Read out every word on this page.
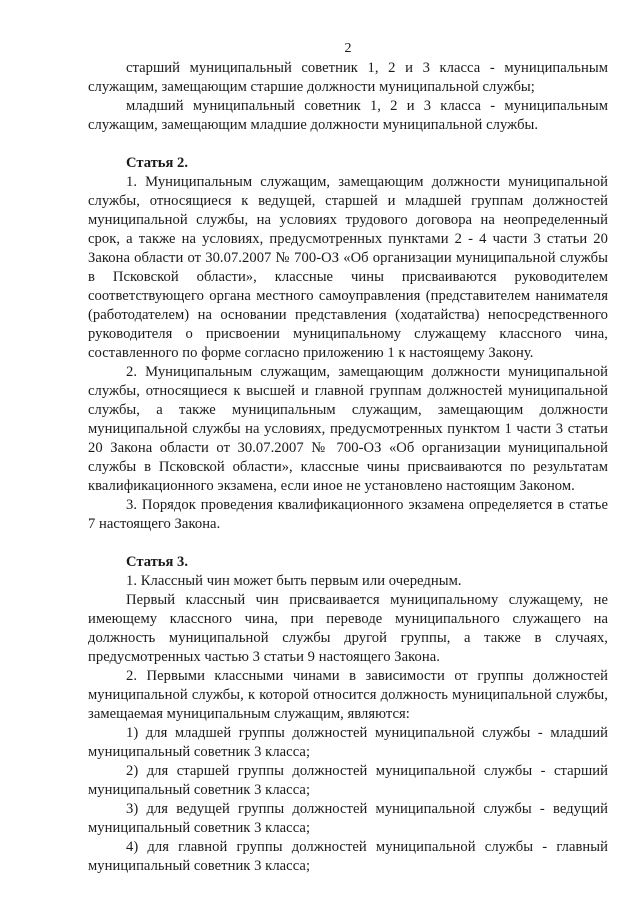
2

старший муниципальный советник 1, 2 и 3 класса - муниципальным служащим, замещающим старшие должности муниципальной службы;

младший муниципальный советник 1, 2 и 3 класса - муниципальным служащим, замещающим младшие должности муниципальной службы.

Статья 2.

1. Муниципальным служащим, замещающим должности муниципальной службы, относящиеся к ведущей, старшей и младшей группам должностей муниципальной службы, на условиях трудового договора на неопределенный срок, а также на условиях, предусмотренных пунктами 2 - 4 части 3 статьи 20 Закона области от 30.07.2007 № 700-ОЗ «Об организации муниципальной службы в Псковской области», классные чины присваиваются руководителем соответствующего органа местного самоуправления (представителем нанимателя (работодателем) на основании представления (ходатайства) непосредственного руководителя о присвоении муниципальному служащему классного чина, составленного по форме согласно приложению 1 к настоящему Закону.

2. Муниципальным служащим, замещающим должности муниципальной службы, относящиеся к высшей и главной группам должностей муниципальной службы, а также муниципальным служащим, замещающим должности муниципальной службы на условиях, предусмотренных пунктом 1 части 3 статьи 20 Закона области от 30.07.2007 № 700-ОЗ «Об организации муниципальной службы в Псковской области», классные чины присваиваются по результатам квалификационного экзамена, если иное не установлено настоящим Законом.

3. Порядок проведения квалификационного экзамена определяется в статье 7 настоящего Закона.

Статья 3.

1. Классный чин может быть первым или очередным.

Первый классный чин присваивается муниципальному служащему, не имеющему классного чина, при переводе муниципального служащего на должность муниципальной службы другой группы, а также в случаях, предусмотренных частью 3 статьи 9 настоящего Закона.

2. Первыми классными чинами в зависимости от группы должностей муниципальной службы, к которой относится должность муниципальной службы, замещаемая муниципальным служащим, являются:

1) для младшей группы должностей муниципальной службы - младший муниципальный советник 3 класса;

2) для старшей группы должностей муниципальной службы - старший муниципальный советник 3 класса;

3) для ведущей группы должностей муниципальной службы - ведущий муниципальный советник 3 класса;

4) для главной группы должностей муниципальной службы - главный муниципальный советник 3 класса;
